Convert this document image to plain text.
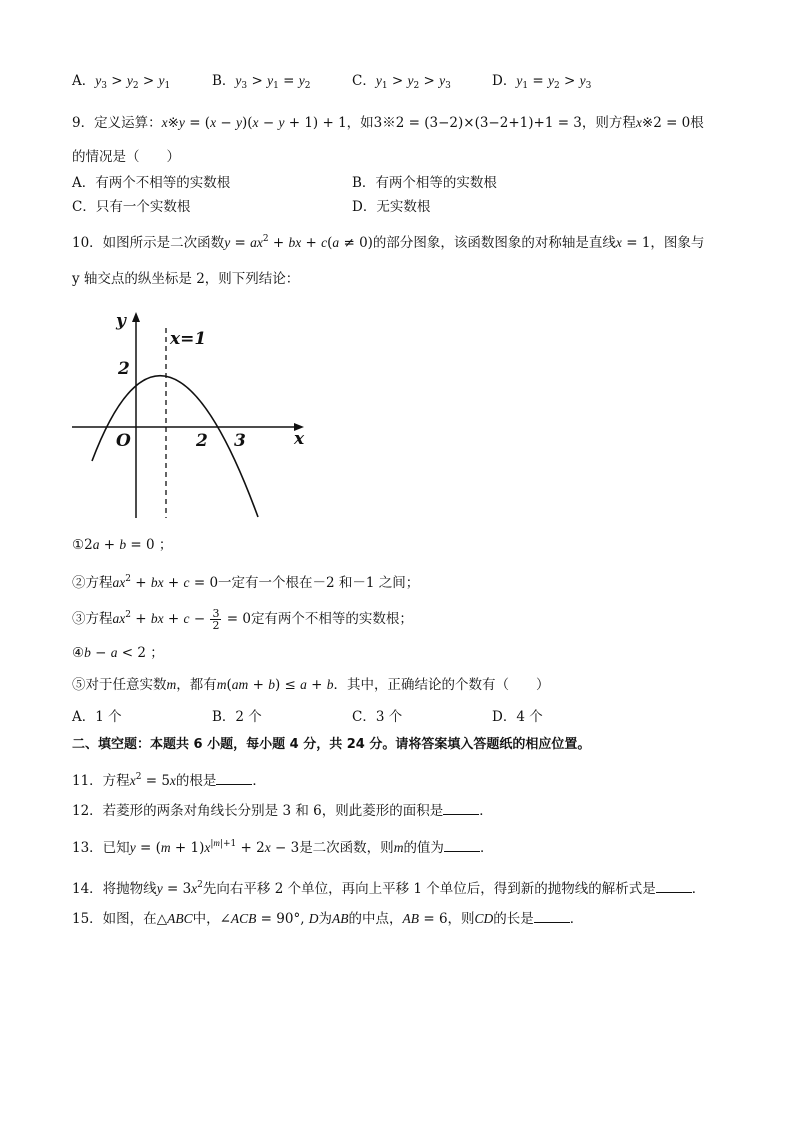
A．$y_3 > y_2 > y_1$	B．$y_3 > y_1 = y_2$	C．$y_1 > y_2 > y_3$	D．$y_1 = y_2 > y_3$
9．定义运算：x※y = (x − y)(x − y + 1) + 1，如3※2 = (3−2)×(3−2+1)+1 = 3，则方程x※2 = 0根
的情况是（　　）
A．有两个不相等的实数根	B．有两个相等的实数根
C．只有一个实数根	D．无实数根
10．如图所示是二次函数$y = ax^2$ + bx + c(a ≠ 0)的部分图象，该函数图象的对称轴是直线x = 1，图象与
y 轴交点的纵坐标是 2，则下列结论：
y
x
x=1
2
O	2 3
①2a + b = 0 ；
②方程$ax^2$ + bx + c = 0一定有一个根在－2 和－1 之间；
③方程$ax^2$ + bx + $c - \frac{3}{2} = 0$定有两个不相等的实数根；
④b − a < 2 ；
⑤对于任意实数m，都有m(am + b) ≤ a + b．其中，正确结论的个数有（　　）
A．1 个	B．2 个	C．3 个	D．4 个
二、填空题：本题共 6 小题，每小题 4 分，共 24 分。请将答案填入答题纸的相应位置。
11．方程$x^2 = 5x$的根是	．
12．若菱形的两条对角线长分别是 3 和 6，则此菱形的面积是	．
13．已知$y = (m + 1)x^{|m|+1} + 2x - 3$是二次函数，则m的值为	．
14．将抛物线$y = 3x^2$先向右平移 2 个单位，再向上平移 1 个单位后，得到新的抛物线的解析式是	．
15．如图，在△ABC中，∠ACB = 90°, D为AB的中点，AB = 6，则CD的长是	．
